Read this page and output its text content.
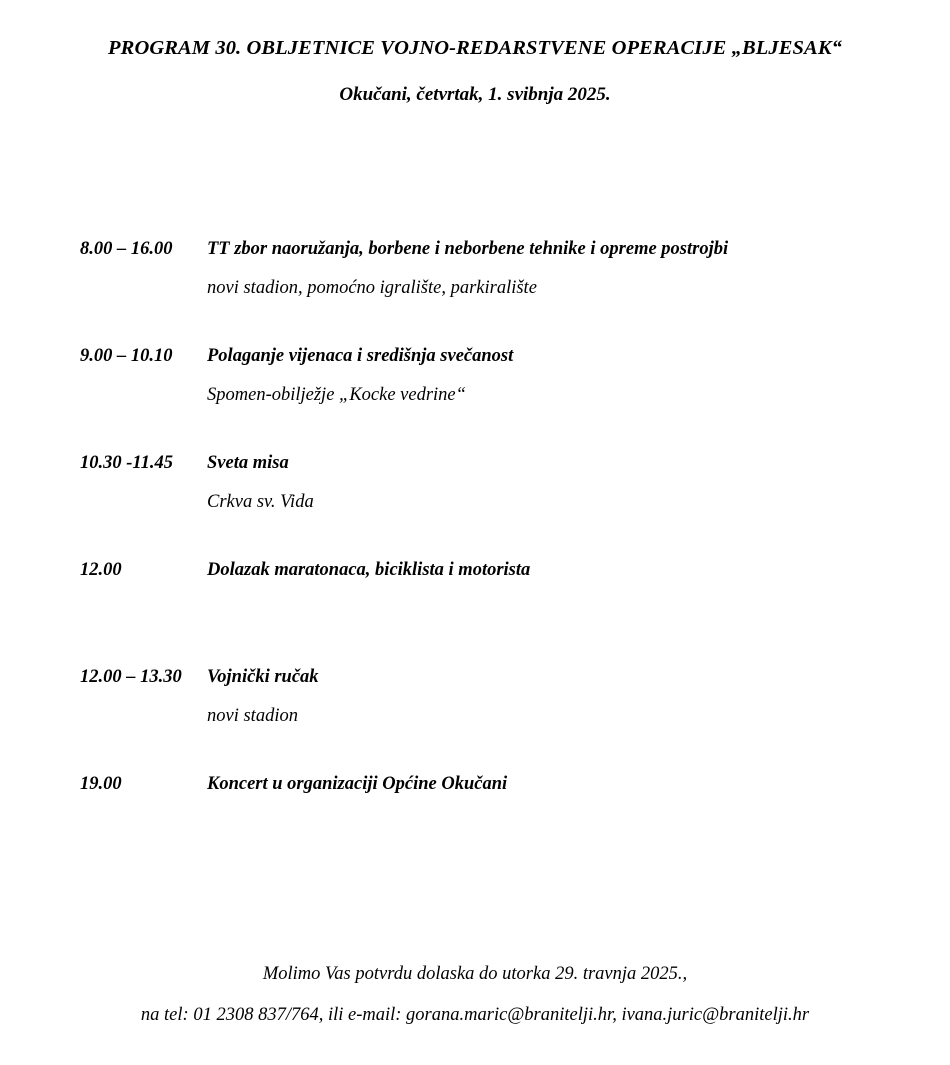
PROGRAM 30. OBLJETNICE VOJNO-REDARSTVENE OPERACIJE „BLJESAK“
Okučani, četvrtak, 1. svibnja 2025.
8.00 – 16.00 TT zbor naoružanja, borbene i neborbene tehnike i opreme postrojbi
novi stadion, pomoćno igralište, parkiralište
9.00 – 10.10 Polaganje vijenaca i središnja svečanost
Spomen-obilježje „Kocke vedrine“
10.30 -11.45 Sveta misa
Crkva sv. Vida
12.00	Dolazak maratonaca, biciklista i motorista
12.00 – 13.30 Vojnički ručak
novi stadion
19.00	Koncert u organizaciji Općine Okučani
Molimo Vas potvrdu dolaska do utorka 29. travnja 2025.,
na tel: 01 2308 837/764, ili e-mail: gorana.maric@branitelji.hr, ivana.juric@branitelji.hr
